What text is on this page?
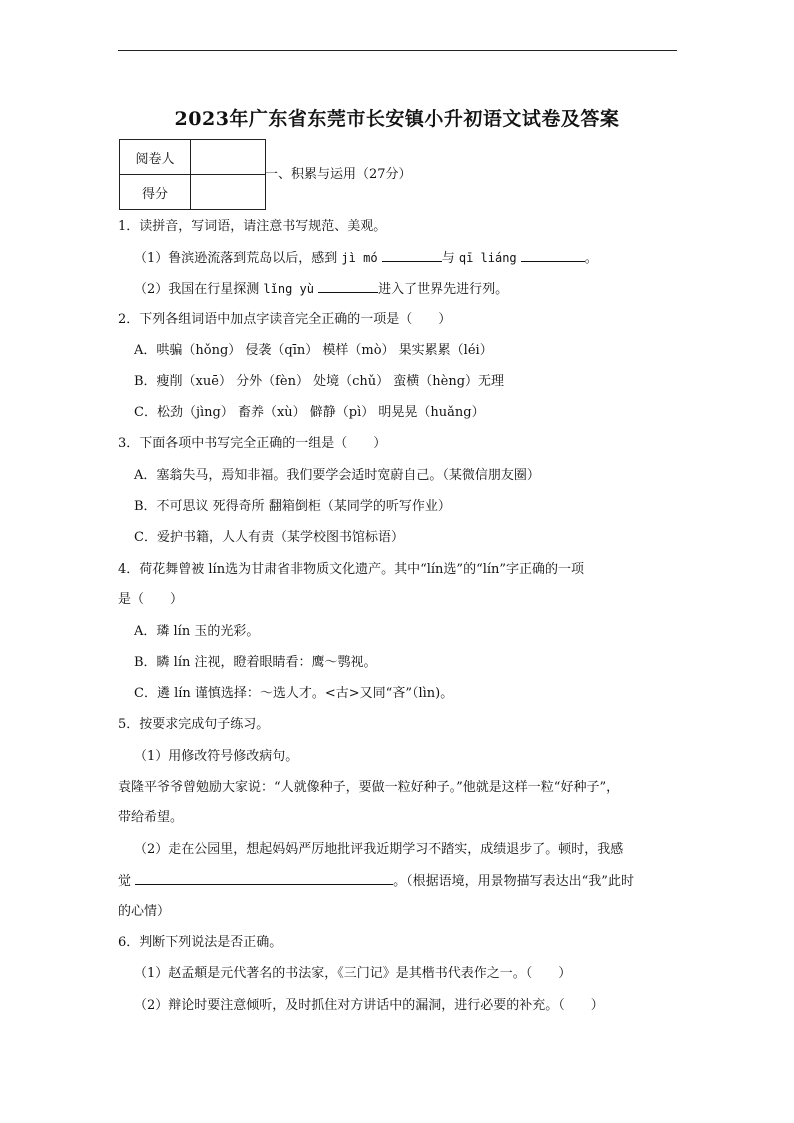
2023年广东省东莞市长安镇小升初语文试卷及答案
阅卷人	
得分	
一、积累与运用（27分）
1．读拼音，写词语，请注意书写规范、美观。
（1）鲁滨逊流落到荒岛以后，感到 jì mó	与 qī liáng	。
（2）我国在行星探测 lǐng yù	进入了世界先进行列。
2．下列各组词语中加点字读音完全正确的一项是（　　）
A．哄骗（hǒng） 侵袭（qīn） 模样（mò） 果实累累（léi）
B．瘦削（xuē） 分外（fèn） 处境（chǔ） 蛮横（hèng）无理
C．松劲（jìng） 畜养（xù） 僻静（pì） 明晃晃（huǎng）
3．下面各项中书写完全正确的一组是（　　）
A．塞翁失马，焉知非福。我们要学会适时宽蔚自己。（某微信朋友圈）
B．不可思议 死得奇所 翻箱倒柜（某同学的听写作业）
C．爱护书籍，人人有责（某学校图书馆标语）
4．荷花舞曾被 lín选为甘肃省非物质文化遗产。其中“lín选”的“lín”字正确的一项
是（　　）
A．璘 lín 玉的光彩。
B．瞵 lín 注视，瞪着眼睛看：鹰～鹗视。
C．遴 lín 谨慎选择：～选人才。<古>又同“吝”（lìn)。
5．按要求完成句子练习。
（1）用修改符号修改病句。
袁隆平爷爷曾勉励大家说：“人就像种子，要做一粒好种子。”他就是这样一粒“好种子”，
带给希望。
（2）走在公园里，想起妈妈严厉地批评我近期学习不踏实，成绩退步了。顿时，我感
觉	。（根据语境，用景物描写表达出“我”此时
的心情）
6．判断下列说法是否正确。
（1）赵孟頫是元代著名的书法家，《三门记》是其楷书代表作之一。（　　）
（2）辩论时要注意倾听，及时抓住对方讲话中的漏洞，进行必要的补充。（　　）
